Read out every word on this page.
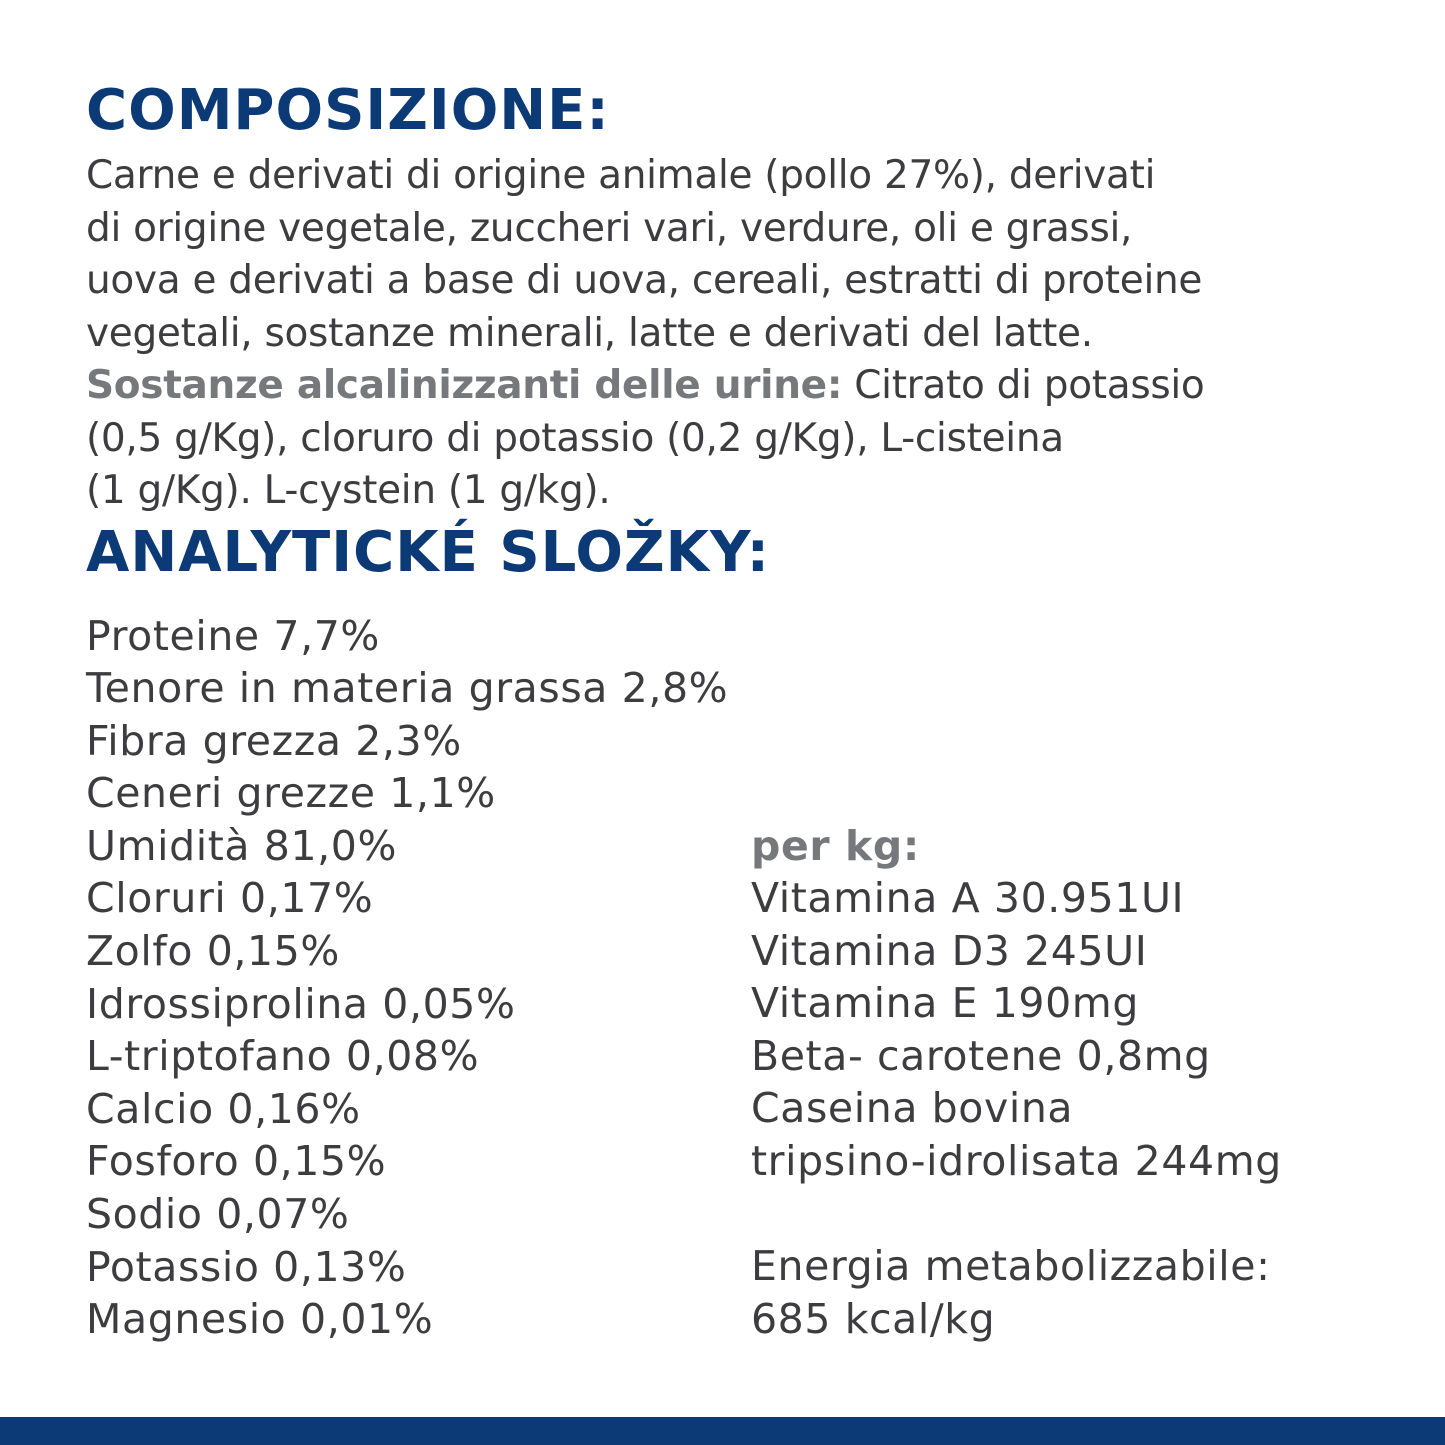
COMPOSIZIONE:
Carne e derivati di origine animale (pollo 27%), derivati
di origine vegetale, zuccheri vari, verdure, oli e grassi,
uova e derivati a base di uova, cereali, estratti di proteine
vegetali, sostanze minerali, latte e derivati del latte.
Sostanze alcalinizzanti delle urine: Citrato di potassio
(0,5 g/Kg), cloruro di potassio (0,2 g/Kg), L-cisteina
(1 g/Kg). L-cystein (1 g/kg).
ANALYTICKÉ SLOŽKY:
Proteine 7,7%
Tenore in materia grassa 2,8%
Fibra grezza 2,3%
Ceneri grezze 1,1%
Umidità 81,0%
Cloruri 0,17%
Zolfo 0,15%
Idrossiprolina 0,05%
L-triptofano 0,08%
Calcio 0,16%
Fosforo 0,15%
Sodio 0,07%
Potassio 0,13%
Magnesio 0,01%
per kg:
Vitamina A 30.951UI
Vitamina D3 245UI
Vitamina E 190mg
Beta- carotene 0,8mg
Caseina bovina
tripsino-idrolisata 244mg
Energia metabolizzabile:
685 kcal/kg
